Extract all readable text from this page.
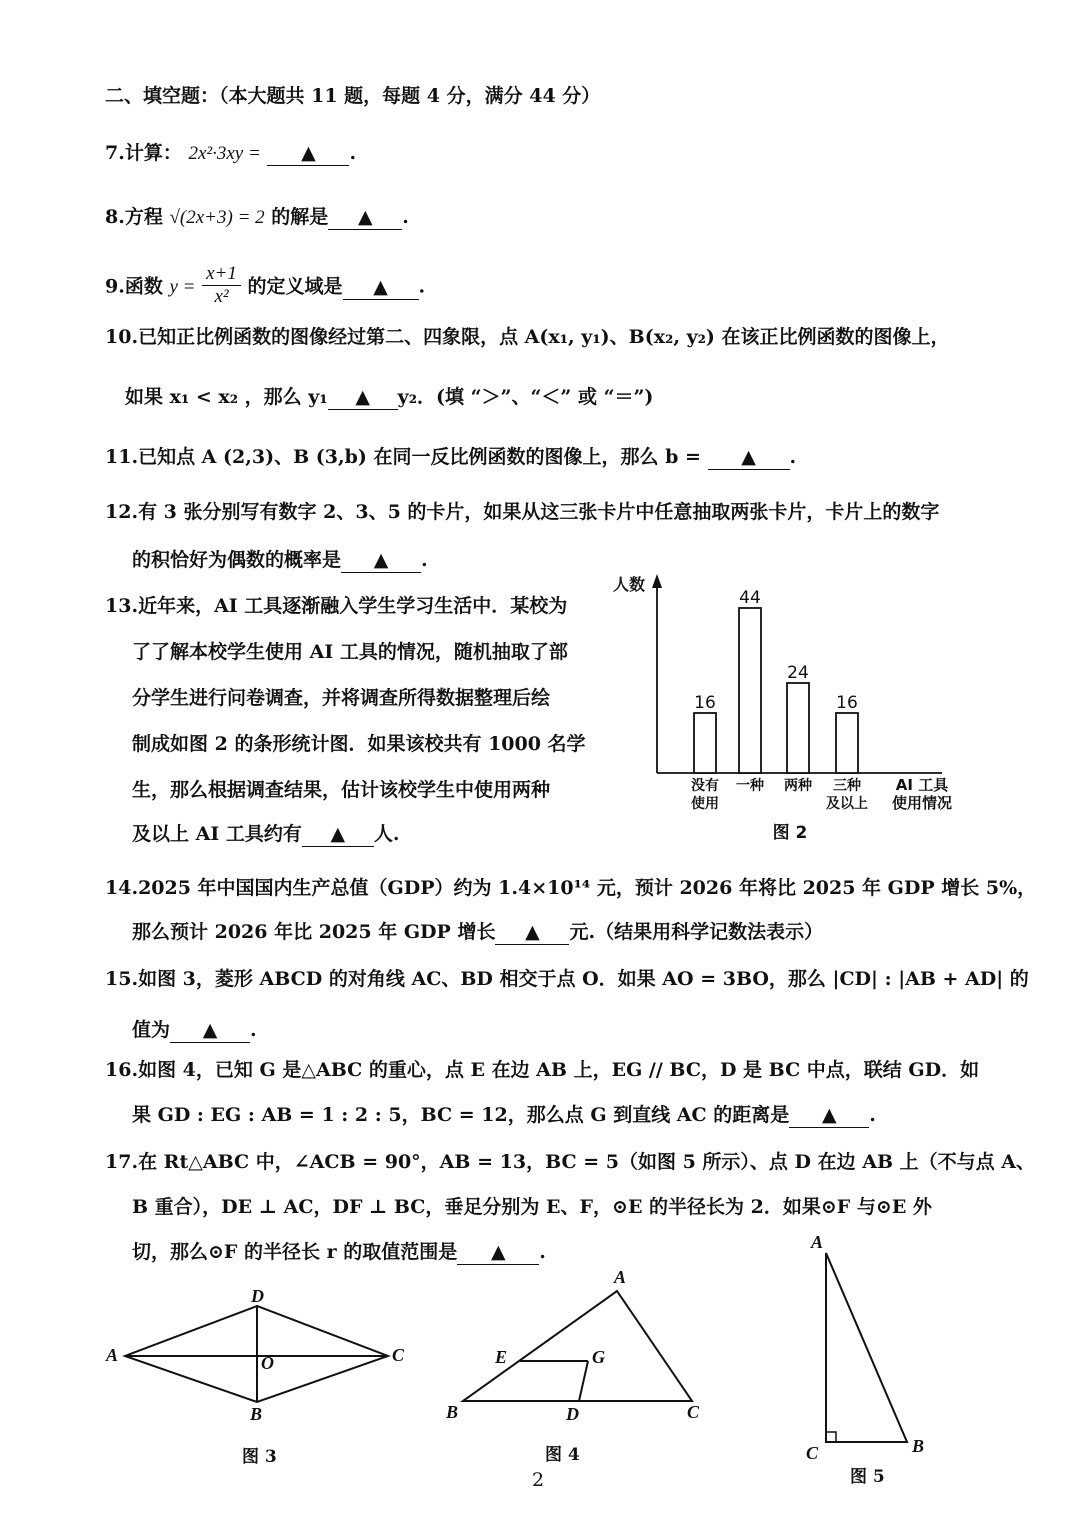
二、填空题：（本大题共 11 题，每题 4 分，满分 44 分）
7.计算： 2x²·3xy = ▲ .
8.方程 √(2x+3) = 2 的解是 ▲ .
9.函数 $y = \frac{x+1}{\text{x²}}$ 的定义域是 ▲ .
10.已知正比例函数的图像经过第二、四象限，点 A(x₁, y₁)、B(x₂, y₂) 在该正比例函数的图像上，
如果 x₁ < x₂ ，那么 y₁ ▲ y₂．(填 “＞”、“＜” 或 “＝”)
11.已知点 A (2,3)、B (3,b) 在同一反比例函数的图像上，那么 b = ▲ .
12.有 3 张分别写有数字 2、3、5 的卡片，如果从这三张卡片中任意抽取两张卡片，卡片上的数字
的积恰好为偶数的概率是 ▲ .
13.近年来，AI 工具逐渐融入学生学习生活中．某校为
了了解本校学生使用 AI 工具的情况，随机抽取了部
分学生进行问卷调查，并将调查所得数据整理后绘
制成如图 2 的条形统计图．如果该校共有 1000 名学
生，那么根据调查结果，估计该校学生中使用两种
及以上 AI 工具约有 ▲ 人.
人数
16
没有
使用
44
一种
24
两种
16
三种
及以上
AI 工具
使用情况
图 2
14.2025 年中国国内生产总值（GDP）约为 1.4×10¹⁴ 元，预计 2026 年将比 2025 年 GDP 增长 5%，
那么预计 2026 年比 2025 年 GDP 增长 ▲ 元.（结果用科学记数法表示）
15.如图 3，菱形 ABCD 的对角线 AC、BD 相交于点 O．如果 AO = 3BO，那么 |CD| : |AB + AD| 的
值为 ▲ .
16.如图 4，已知 G 是△ABC 的重心，点 E 在边 AB 上，EG // BC，D 是 BC 中点，联结 GD．如
果 GD : EG : AB = 1 : 2 : 5，BC = 12，那么点 G 到直线 AC 的距离是 ▲ .
17.在 Rt△ABC 中，∠ACB = 90°，AB = 13，BC = 5（如图 5 所示）、点 D 在边 AB 上（不与点 A、
B 重合），DE ⊥ AC，DF ⊥ BC，垂足分别为 E、F，⊙E 的半径长为 2．如果⊙F 与⊙E 外
切，那么⊙F 的半径长 r 的取值范围是 ▲ .
A
D
C
O
B
图 3
A
E	G
B	D	C
图 4
A
C	B
图 5
2
